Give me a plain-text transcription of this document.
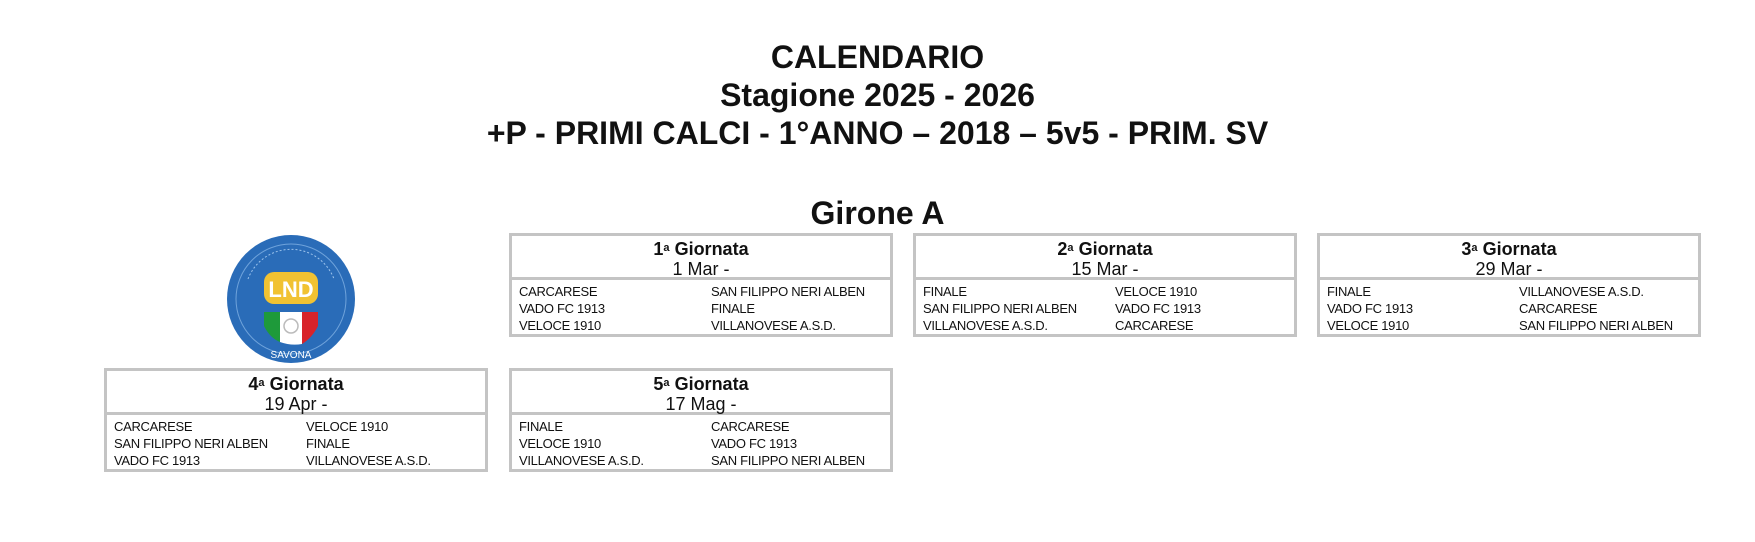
CALENDARIO
Stagione 2025 - 2026
+P - PRIMI CALCI - 1°ANNO – 2018 – 5v5 - PRIM. SV
Girone A
LND
SAVONA
1$^a$ Giornata
1 Mar -
CARCARESE	SAN FILIPPO NERI ALBEN
VADO FC 1913	FINALE
VELOCE 1910	VILLANOVESE A.S.D.
2$^a$ Giornata
15 Mar -
FINALE	VELOCE 1910
SAN FILIPPO NERI ALBEN	VADO FC 1913
VILLANOVESE A.S.D.	CARCARESE
3$^a$ Giornata
29 Mar -
FINALE	VILLANOVESE A.S.D.
VADO FC 1913	CARCARESE
VELOCE 1910	SAN FILIPPO NERI ALBEN
4$^a$ Giornata
19 Apr -
CARCARESE	VELOCE 1910
SAN FILIPPO NERI ALBEN	FINALE
VADO FC 1913	VILLANOVESE A.S.D.
5$^a$ Giornata
17 Mag -
FINALE	CARCARESE
VELOCE 1910	VADO FC 1913
VILLANOVESE A.S.D.	SAN FILIPPO NERI ALBEN
